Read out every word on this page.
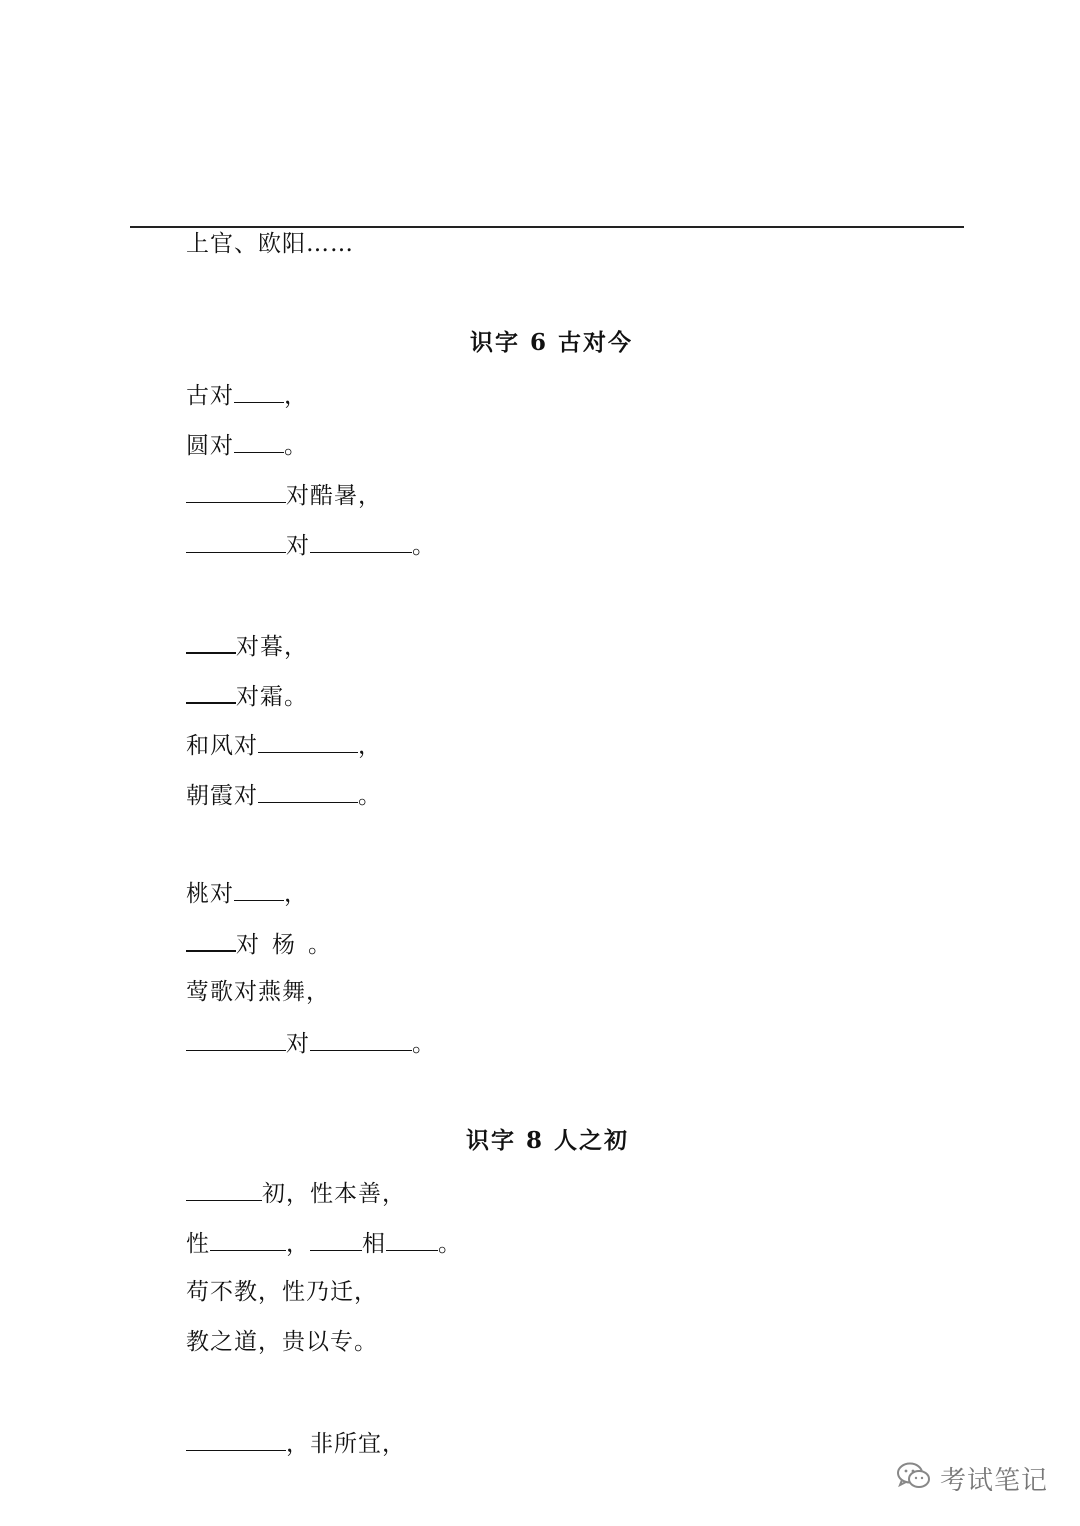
上官、欧阳……
识字 6 古对今
古对 ，
圆对 。
对酷暑，
对	。
对暮，
对霜。
和风对	，
朝霞对	。
桃对 ，
对 杨 。
莺歌对燕舞，
对	。
识字 8 人之初
初，性本善，
性	， 相 。
苟不教，性乃迁，
教之道，贵以专。
，非所宜，
考试笔记
